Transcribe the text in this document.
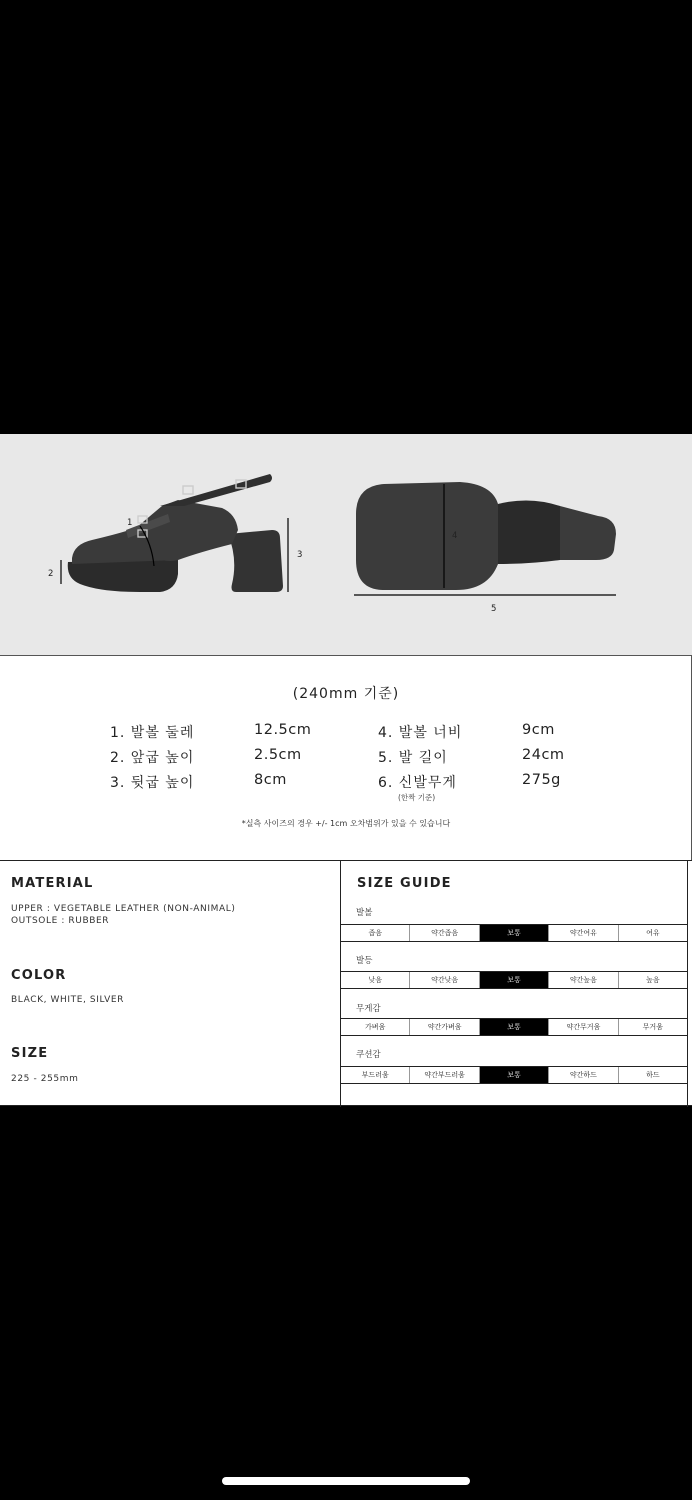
1
2
3
4
5
(240mm 기준)
1. 발볼 둘레	12.5cm
2. 앞굽 높이	2.5cm
3. 뒷굽 높이	8cm
4. 발볼 너비	9cm
5. 발 길이	24cm
6. 신발무게	275g
(한짝 기준)
*실측 사이즈의 경우 +/- 1cm 오차범위가 있을 수 있습니다
MATERIAL
UPPER : VEGETABLE LEATHER (NON-ANIMAL)
OUTSOLE : RUBBER
COLOR
BLACK, WHITE, SILVER
SIZE
225 - 255mm
SIZE GUIDE
발볼
좁음	약간좁음	보통	약간여유	여유
발등
낮음	약간낮음	보통	약간높음	높음
무게감
가벼움	약간가벼움	보통	약간무거움	무거움
쿠션감
부드러움	약간부드러움	보통	약간하드	하드
